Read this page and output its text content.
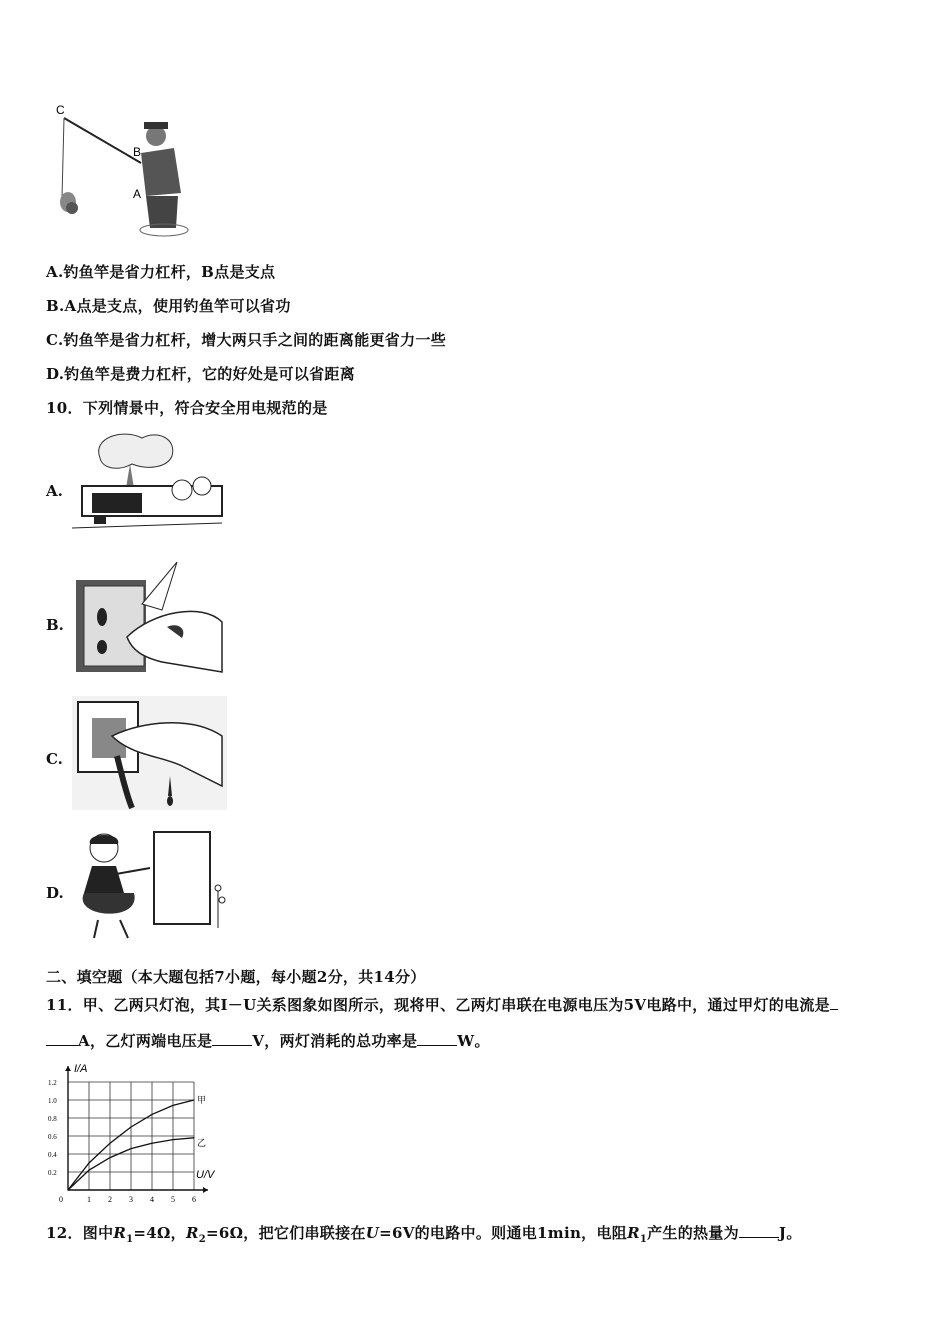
C
B
A
A.钓鱼竿是省力杠杆，B点是支点
B.A点是支点，使用钓鱼竿可以省功
C.钓鱼竿是省力杠杆，增大两只手之间的距离能更省力一些
D.钓鱼竿是费力杠杆，它的好处是可以省距离
10．下列情景中，符合安全用电规范的是
A.
B.
C.
D.
二、填空题（本大题包括7小题，每小题2分，共14分）
11．甲、乙两只灯泡，其I－U关系图象如图所示，现将甲、乙两灯串联在电源电压为5V电路中，通过甲灯的电流是
A，乙灯两端电压是	V，两灯消耗的总功率是	W。
0	1 2 3 4 5 6
0.2
0.4
0.6
0.8
1.0
1.2
I/A
U/V
甲
乙
12．图中$R_1=4\Omega$，$R_2=6\Omega$，把它们串联接在U=6V的电路中。则通电1min，电阻$R_1$产生的热量为	J。
